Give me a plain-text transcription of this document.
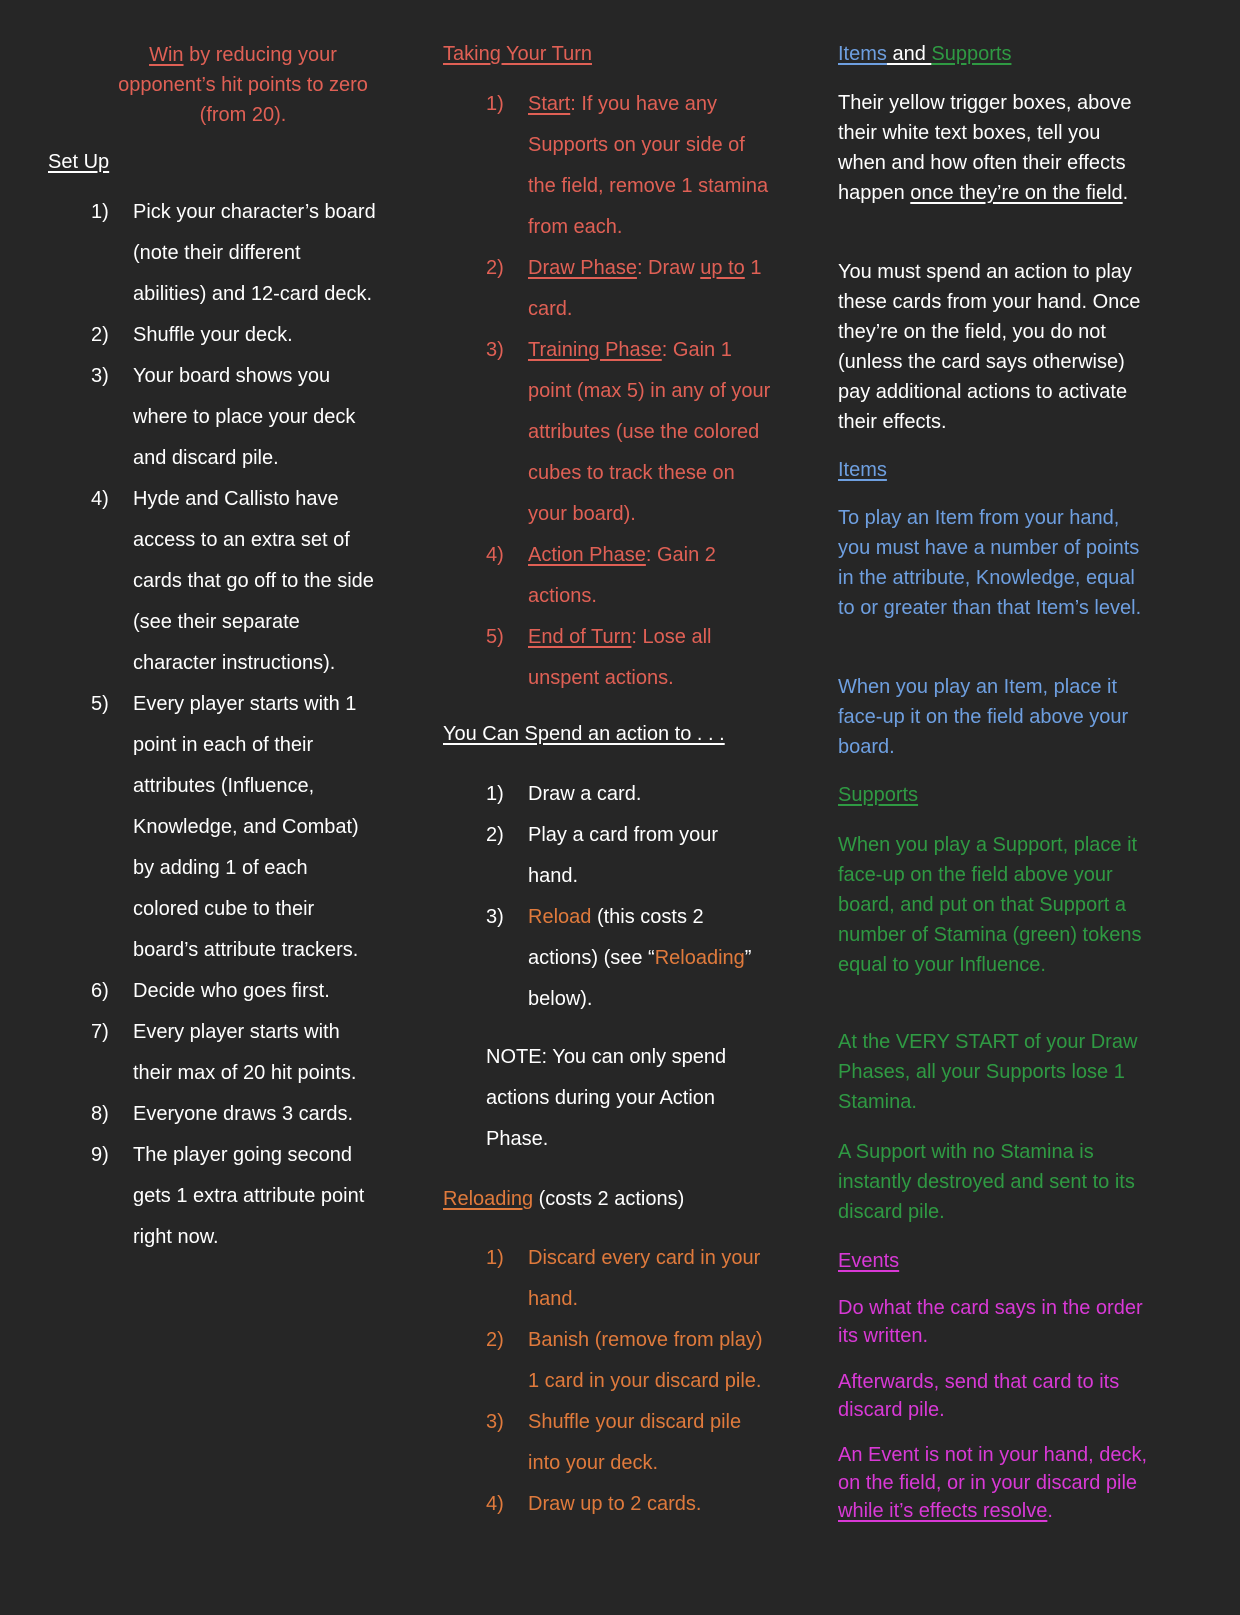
Win by reducing your opponent’s hit points to zero (from 20).
Set Up
1) Pick your character’s board (note their different abilities) and 12-card deck.
2) Shuffle your deck.
3) Your board shows you where to place your deck and discard pile.
4) Hyde and Callisto have access to an extra set of cards that go off to the side (see their separate character instructions).
5) Every player starts with 1 point in each of their attributes (Influence, Knowledge, and Combat) by adding 1 of each colored cube to their board’s attribute trackers.
6) Decide who goes first.
7) Every player starts with their max of 20 hit points.
8) Everyone draws 3 cards.
9) The player going second gets 1 extra attribute point right now.
Taking Your Turn
1) Start: If you have any Supports on your side of the field, remove 1 stamina from each.
2) Draw Phase: Draw up to 1 card.
3) Training Phase: Gain 1 point (max 5) in any of your attributes (use the colored cubes to track these on your board).
4) Action Phase: Gain 2 actions.
5) End of Turn: Lose all unspent actions.
You Can Spend an action to . . .
1) Draw a card.
2) Play a card from your hand.
3) Reload (this costs 2 actions) (see “Reloading” below).
NOTE: You can only spend actions during your Action Phase.
Reloading (costs 2 actions)
1) Discard every card in your hand.
2) Banish (remove from play) 1 card in your discard pile.
3) Shuffle your discard pile into your deck.
4) Draw up to 2 cards.
Items and Supports
Their yellow trigger boxes, above their white text boxes, tell you when and how often their effects happen once they’re on the field.
You must spend an action to play these cards from your hand. Once they’re on the field, you do not (unless the card says otherwise) pay additional actions to activate their effects.
Items
To play an Item from your hand, you must have a number of points in the attribute, Knowledge, equal to or greater than that Item’s level.
When you play an Item, place it face-up it on the field above your board.
Supports
When you play a Support, place it face-up on the field above your board, and put on that Support a number of Stamina (green) tokens equal to your Influence.
At the VERY START of your Draw Phases, all your Supports lose 1 Stamina.
A Support with no Stamina is instantly destroyed and sent to its discard pile.
Events
Do what the card says in the order its written.
Afterwards, send that card to its discard pile.
An Event is not in your hand, deck, on the field, or in your discard pile while it’s effects resolve.
